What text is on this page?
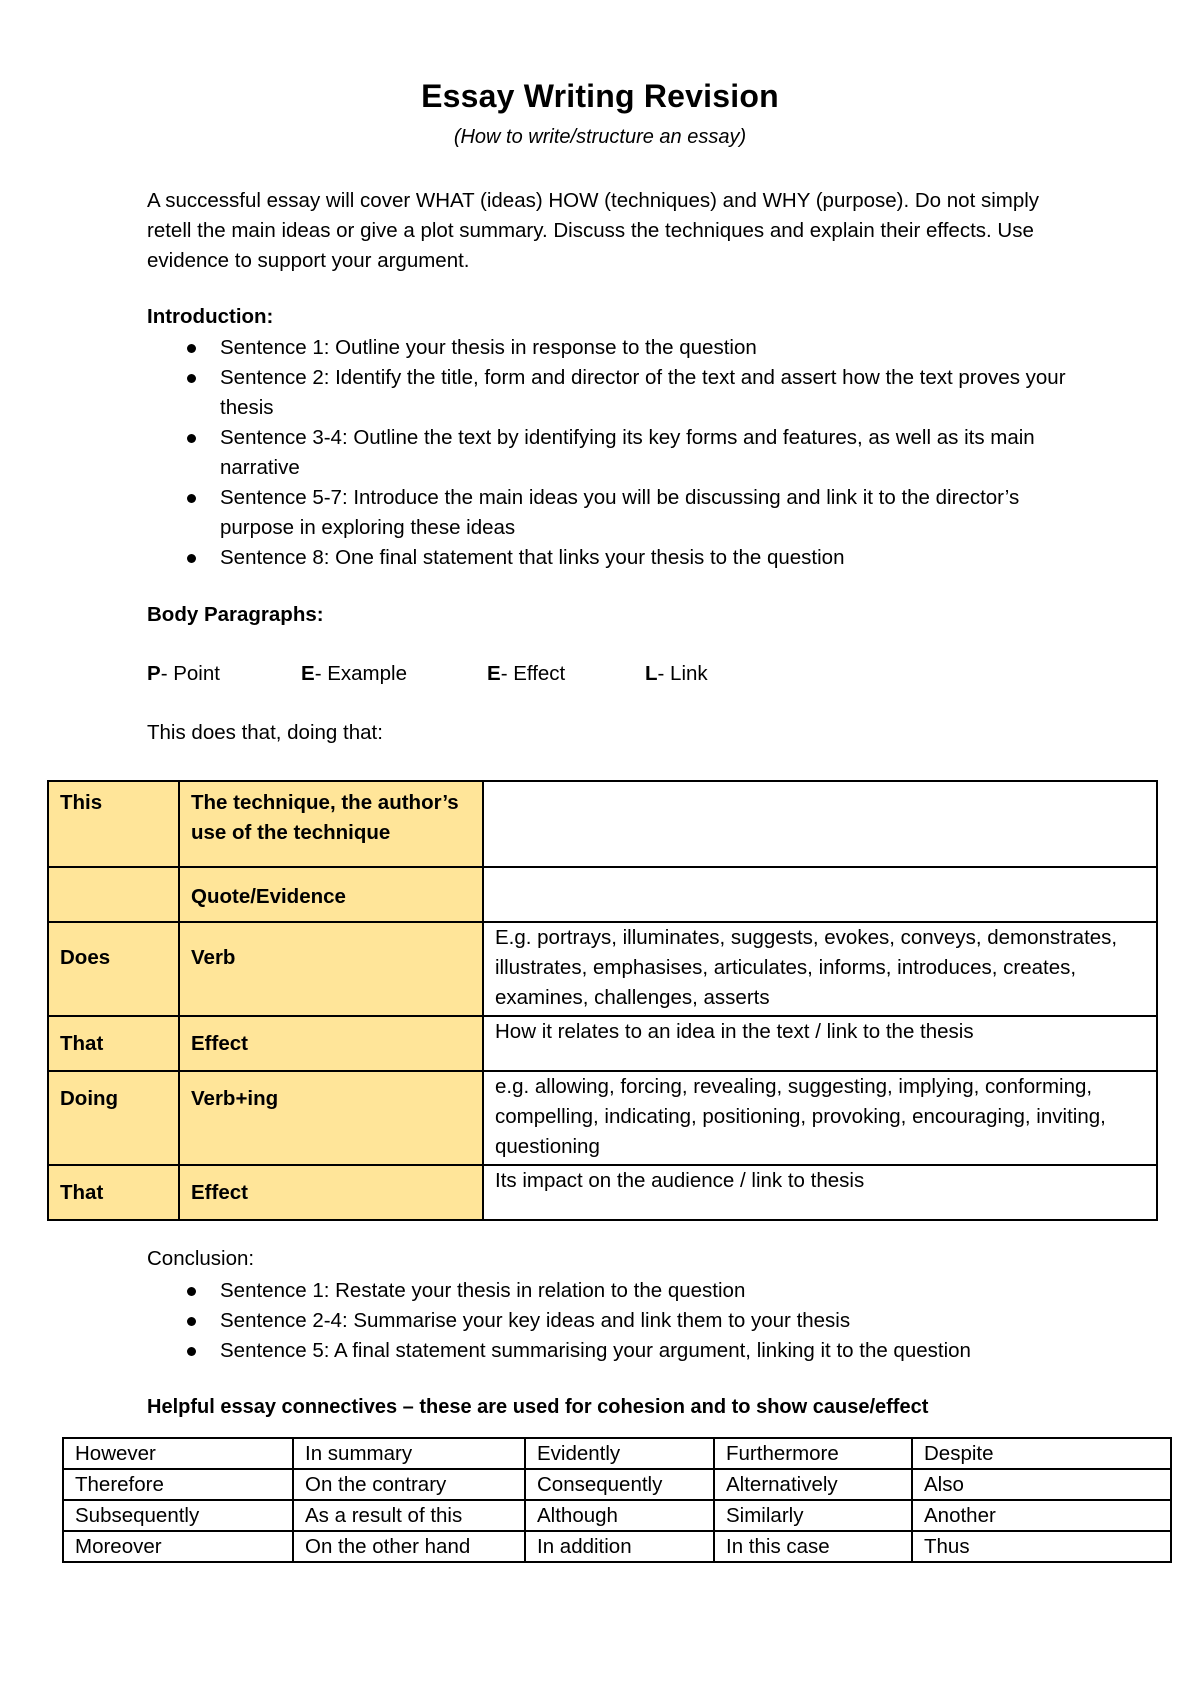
Essay Writing Revision
(How to write/structure an essay)
A successful essay will cover WHAT (ideas) HOW (techniques) and WHY (purpose). Do not simply retell the main ideas or give a plot summary. Discuss the techniques and explain their effects. Use evidence to support your argument.
Introduction:
Sentence 1: Outline your thesis in response to the question
Sentence 2: Identify the title, form and director of the text and assert how the text proves your thesis
Sentence 3-4: Outline the text by identifying its key forms and features, as well as its main narrative
Sentence 5-7: Introduce the main ideas you will be discussing and link it to the director’s purpose in exploring these ideas
Sentence 8: One final statement that links your thesis to the question
Body Paragraphs:
P- Point	E- Example	E- Effect	L- Link
This does that, doing that:
This	The technique, the author’s use of the technique	
	Quote/Evidence	
Does	Verb	E.g. portrays, illuminates, suggests, evokes, conveys, demonstrates, illustrates, emphasises, articulates, informs, introduces, creates, examines, challenges, asserts
That	Effect	How it relates to an idea in the text / link to the thesis
Doing	Verb+ing	e.g. allowing, forcing, revealing, suggesting, implying, conforming, compelling, indicating, positioning, provoking, encouraging, inviting, questioning
That	Effect	Its impact on the audience / link to thesis
Conclusion:
Sentence 1: Restate your thesis in relation to the question
Sentence 2-4: Summarise your key ideas and link them to your thesis
Sentence 5: A final statement summarising your argument, linking it to the question
Helpful essay connectives – these are used for cohesion and to show cause/effect
However	In summary	Evidently	Furthermore	Despite
Therefore	On the contrary	Consequently	Alternatively	Also
Subsequently	As a result of this	Although	Similarly	Another
Moreover	On the other hand	In addition	In this case	Thus
